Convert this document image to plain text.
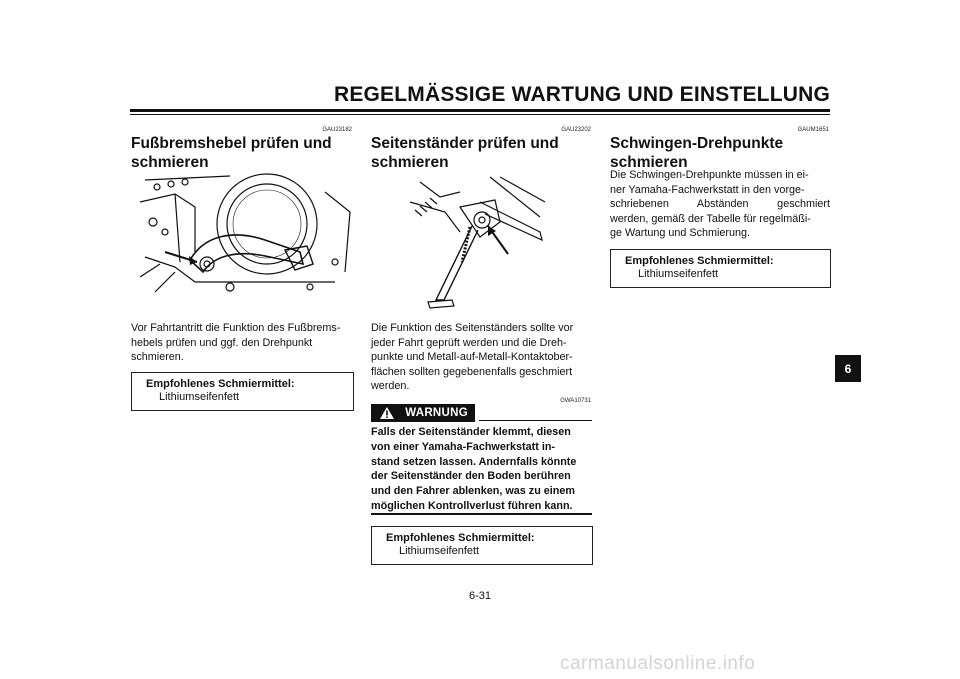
REGELMÄSSIGE WARTUNG UND EINSTELLUNG
GAU23182
Fußbremshebel prüfen und
schmieren
Vor Fahrtantritt die Funktion des Fußbrems-
hebels prüfen und ggf. den Drehpunkt
schmieren.
Empfohlenes Schmiermittel:
Lithiumseifenfett
GAU23202
Seitenständer prüfen und
schmieren
Die Funktion des Seitenständers sollte vor
jeder Fahrt geprüft werden und die Dreh-
punkte und Metall-auf-Metall-Kontaktober-
flächen sollten gegebenenfalls geschmiert
werden.
GWA10731
WARNUNG
Falls der Seitenständer klemmt, diesen
von einer Yamaha-Fachwerkstatt in-
stand setzen lassen. Andernfalls könnte
der Seitenständer den Boden berühren
und den Fahrer ablenken, was zu einem
möglichen Kontrollverlust führen kann.
Empfohlenes Schmiermittel:
Lithiumseifenfett
GAUM1651
Schwingen-Drehpunkte
schmieren
Die Schwingen-Drehpunkte müssen in ei-
ner Yamaha-Fachwerkstatt in den vorge-
schriebenen Abständen geschmiert
werden, gemäß der Tabelle für regelmäßi-
ge Wartung und Schmierung.
Empfohlenes Schmiermittel:
Lithiumseifenfett
6
6-31
carmanualsonline.info
